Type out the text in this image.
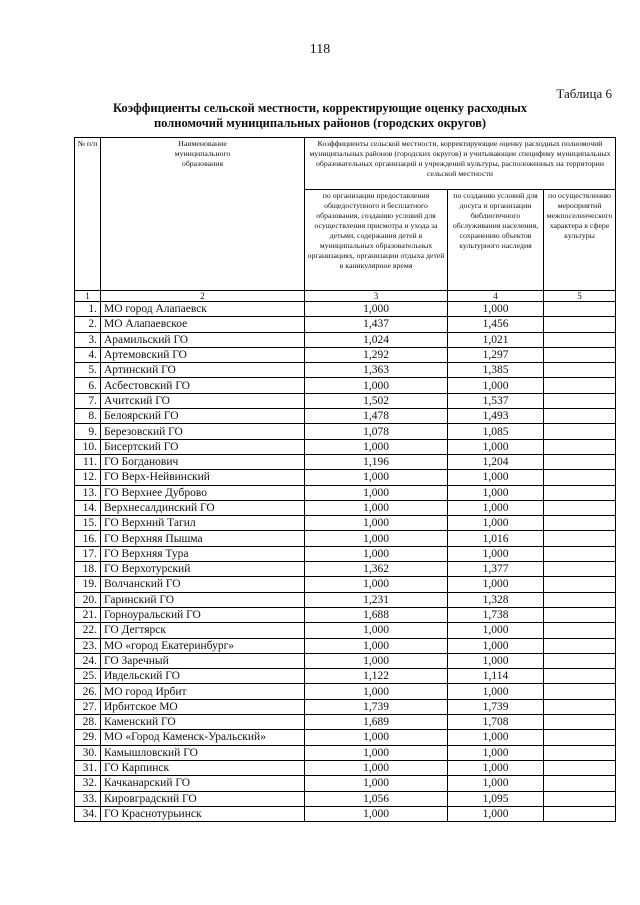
118
Таблица 6
Коэффициенты сельской местности, корректирующие оценку расходных полномочий муниципальных районов (городских округов)
№ п/п	Наименование муниципального образования	Коэффициенты сельской местности, корректирующие оценку расходных полномочий муниципальных районов (городских округов) и учитывающие специфику муниципальных образовательных организаций и учреждений культуры, расположенных на территории сельской местности		
		по организации предоставления общедоступного и бесплатного образования, созданию условий для осуществления присмотра и ухода за детьми, содержания детей в муниципальных образовательных организациях, организации отдыха детей в каникулярное время	по созданию условий для досуга и организации библиотечного обслуживания населения, сохранению объектов культурного наследия	по осуществлению мероприятий межпоселенческого характера в сфере культуры
1	2	3	4	5
1.	МО город Алапаевск	1,000	1,000	
2.	МО Алапаевское	1,437	1,456	
3.	Арамильский ГО	1,024	1,021	
4.	Артемовский ГО	1,292	1,297	
5.	Артинский ГО	1,363	1,385	
6.	Асбестовский ГО	1,000	1,000	
7.	Ачитский ГО	1,502	1,537	
8.	Белоярский ГО	1,478	1,493	
9.	Березовский ГО	1,078	1,085	
10.	Бисертский ГО	1,000	1,000	
11.	ГО Богданович	1,196	1,204	
12.	ГО Верх-Нейвинский	1,000	1,000	
13.	ГО Верхнее Дуброво	1,000	1,000	
14.	Верхнесалдинский ГО	1,000	1,000	
15.	ГО Верхний Тагил	1,000	1,000	
16.	ГО Верхняя Пышма	1,000	1,016	
17.	ГО Верхняя Тура	1,000	1,000	
18.	ГО Верхотурский	1,362	1,377	
19.	Волчанский ГО	1,000	1,000	
20.	Гаринский ГО	1,231	1,328	
21.	Горноуральский ГО	1,688	1,738	
22.	ГО Дегтярск	1,000	1,000	
23.	МО «город Екатеринбург»	1,000	1,000	
24.	ГО Заречный	1,000	1,000	
25.	Ивдельский ГО	1,122	1,114	
26.	МО город Ирбит	1,000	1,000	
27.	Ирбитское МО	1,739	1,739	
28.	Каменский ГО	1,689	1,708	
29.	МО «Город Каменск-Уральский»	1,000	1,000	
30.	Камышловский ГО	1,000	1,000	
31.	ГО Карпинск	1,000	1,000	
32.	Качканарский ГО	1,000	1,000	
33.	Кировградский ГО	1,056	1,095	
34.	ГО Краснотурьинск	1,000	1,000	
